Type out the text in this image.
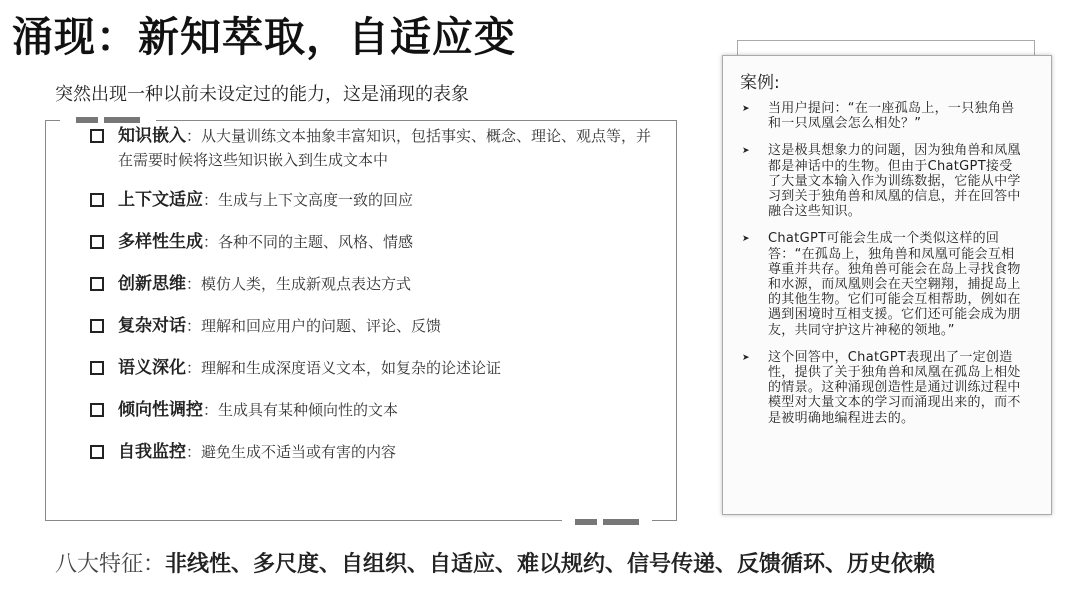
涌现：新知萃取，自适应变
突然出现一种以前未设定过的能力，这是涌现的表象
知识嵌入：从大量训练文本抽象丰富知识，包括事实、概念、理论、观点等，并在需要时候将这些知识嵌入到生成文本中
上下文适应：生成与上下文高度一致的回应
多样性生成：各种不同的主题、风格、情感
创新思维：模仿人类，生成新观点表达方式
复杂对话：理解和回应用户的问题、评论、反馈
语义深化：理解和生成深度语义文本，如复杂的论述论证
倾向性调控：生成具有某种倾向性的文本
自我监控：避免生成不适当或有害的内容
案例:
➤	当用户提问：“在一座孤岛上，一只独角兽和一只凤凰会怎么相处？”
➤	这是极具想象力的问题，因为独角兽和凤凰都是神话中的生物。但由于ChatGPT接受了大量文本输入作为训练数据，它能从中学习到关于独角兽和凤凰的信息，并在回答中融合这些知识。
➤	ChatGPT可能会生成一个类似这样的回答：“在孤岛上，独角兽和凤凰可能会互相尊重并共存。独角兽可能会在岛上寻找食物和水源，而凤凰则会在天空翱翔，捕捉岛上的其他生物。它们可能会互相帮助，例如在遇到困境时互相支援。它们还可能会成为朋友，共同守护这片神秘的领地。”
➤	这个回答中，ChatGPT表现出了一定创造性，提供了关于独角兽和凤凰在孤岛上相处的情景。这种涌现创造性是通过训练过程中模型对大量文本的学习而涌现出来的，而不是被明确地编程进去的。
八大特征：非线性、多尺度、自组织、自适应、难以规约、信号传递、反馈循环、历史依赖
